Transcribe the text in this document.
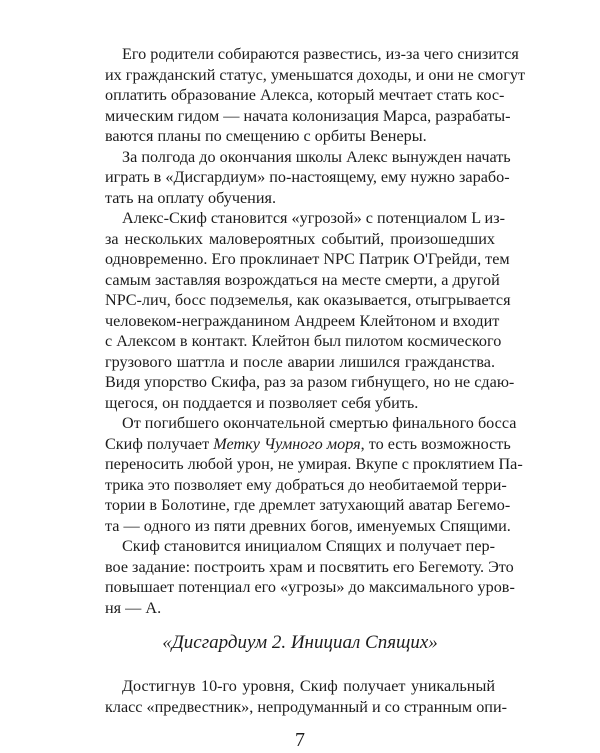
Его родители собираются развестись, из-за чего снизится
их гражданский статус, уменьшатся доходы, и они не смогут
оплатить образование Алекса, который мечтает стать кос-
мическим гидом — начата колонизация Марса, разрабаты-
ваются планы по смещению с орбиты Венеры.
За полгода до окончания школы Алекс вынужден начать
играть в «Дисгардиум» по-настоящему, ему нужно зарабо-
тать на оплату обучения.
Алекс-Скиф становится «угрозой» с потенциалом L из-
за нескольких маловероятных событий, произошедших
одновременно. Его проклинает NPC Патрик О'Грейди, тем
самым заставляя возрождаться на месте смерти, а другой
NPC-лич, босс подземелья, как оказывается, отыгрывается
человеком-негражданином Андреем Клейтоном и входит
с Алексом в контакт. Клейтон был пилотом космического
грузового шаттла и после аварии лишился гражданства.
Видя упорство Скифа, раз за разом гибнущего, но не сдаю-
щегося, он поддается и позволяет себя убить.
От погибшего окончательной смертью финального босса
Скиф получает Метку Чумного моря, то есть возможность
переносить любой урон, не умирая. Вкупе с проклятием Па-
трика это позволяет ему добраться до необитаемой терри-
тории в Болотине, где дремлет затухающий аватар Бегемо-
та — одного из пяти древних богов, именуемых Спящими.
Скиф становится инициалом Спящих и получает пер-
вое задание: построить храм и посвятить его Бегемоту. Это
повышает потенциал его «угрозы» до максимального уров-
ня — А.
«Дисгардиум 2. Инициал Спящих»
Достигнув 10-го уровня, Скиф получает уникальный
класс «предвестник», непродуманный и со странным опи-
7
